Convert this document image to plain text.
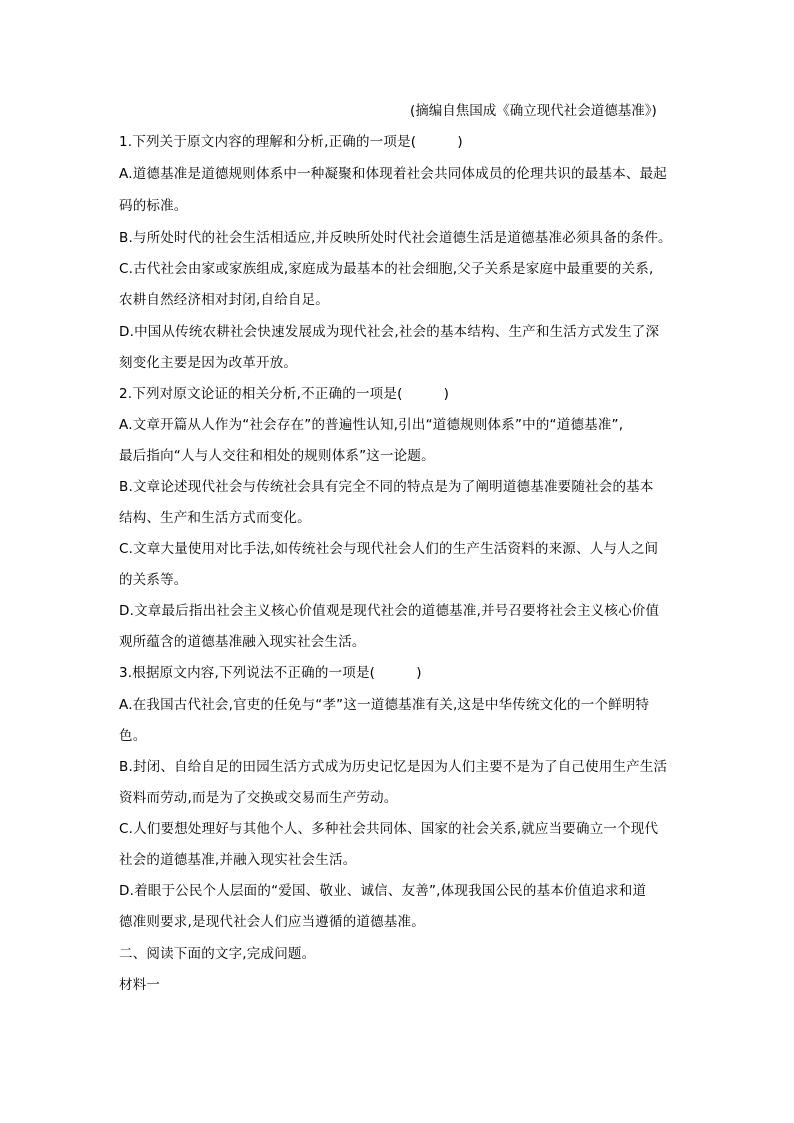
(摘编自焦国成《确立现代社会道德基准》)
1.下列关于原文内容的理解和分析,正确的一项是(　　　)
A.道德基准是道德规则体系中一种凝聚和体现着社会共同体成员的伦理共识的最基本、最起
码的标准。
B.与所处时代的社会生活相适应,并反映所处时代社会道德生活是道德基准必须具备的条件。
C.古代社会由家或家族组成,家庭成为最基本的社会细胞,父子关系是家庭中最重要的关系,
农耕自然经济相对封闭,自给自足。
D.中国从传统农耕社会快速发展成为现代社会,社会的基本结构、生产和生活方式发生了深
刻变化主要是因为改革开放。
2.下列对原文论证的相关分析,不正确的一项是(　　　)
A.文章开篇从人作为“社会存在”的普遍性认知,引出“道德规则体系”中的“道德基准”,
最后指向“人与人交往和相处的规则体系”这一论题。
B.文章论述现代社会与传统社会具有完全不同的特点是为了阐明道德基准要随社会的基本
结构、生产和生活方式而变化。
C.文章大量使用对比手法,如传统社会与现代社会人们的生产生活资料的来源、人与人之间
的关系等。
D.文章最后指出社会主义核心价值观是现代社会的道德基准,并号召要将社会主义核心价值
观所蕴含的道德基准融入现实社会生活。
3.根据原文内容,下列说法不正确的一项是(　　　)
A.在我国古代社会,官吏的任免与“孝”这一道德基准有关,这是中华传统文化的一个鲜明特
色。
B.封闭、自给自足的田园生活方式成为历史记忆是因为人们主要不是为了自己使用生产生活
资料而劳动,而是为了交换或交易而生产劳动。
C.人们要想处理好与其他个人、多种社会共同体、国家的社会关系,就应当要确立一个现代
社会的道德基准,并融入现实社会生活。
D.着眼于公民个人层面的“爱国、敬业、诚信、友善”,体现我国公民的基本价值追求和道
德准则要求,是现代社会人们应当遵循的道德基准。
二、阅读下面的文字,完成问题。
材料一
